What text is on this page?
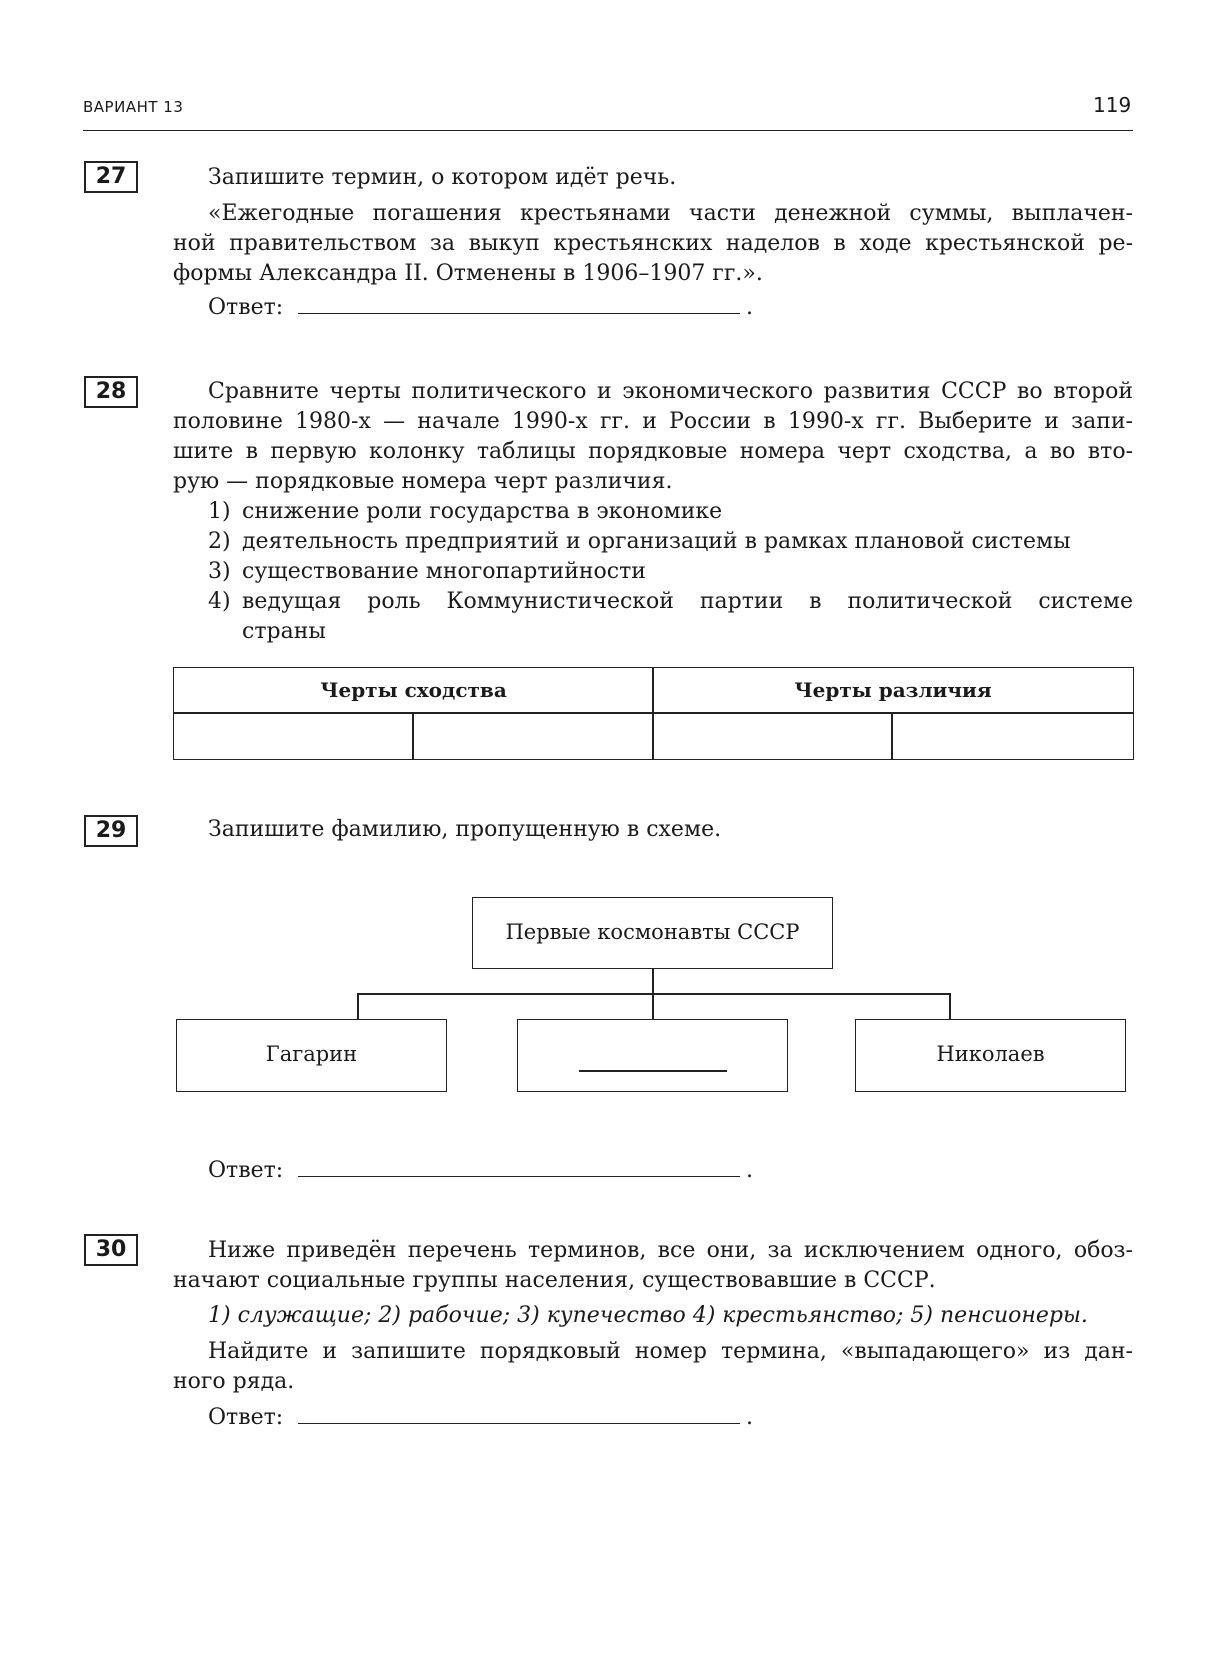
ВАРИАНТ 13	119
27	Запишите термин, о котором идёт речь.
«Ежегодные погашения крестьянами части денежной суммы, выплачен-
ной правительством за выкуп крестьянских наделов в ходе крестьянской ре-
формы Александра II. Отменены в 1906–1907 гг.».
Ответ:	.
28	Сравните черты политического и экономического развития СССР во второй
половине 1980-х — начале 1990-х гг. и России в 1990-х гг. Выберите и запи-
шите в первую колонку таблицы порядковые номера черт сходства, а во вто-
рую — порядковые номера черт различия.
1) снижение роли государства в экономике
2) деятельность предприятий и организаций в рамках плановой системы
3) существование многопартийности
4) ведущая роль Коммунистической партии в политической системе
страны
Черты сходства	Черты различия
29	Запишите фамилию, пропущенную в схеме.
Первые космонавты СССР
Гагарин	Николаев
Ответ:	.
30	Ниже приведён перечень терминов, все они, за исключением одного, обоз-
начают социальные группы населения, существовавшие в СССР.
1) служащие; 2) рабочие; 3) купечество 4) крестьянство; 5) пенсионеры.
Найдите и запишите порядковый номер термина, «выпадающего» из дан-
ного ряда.
Ответ:	.
